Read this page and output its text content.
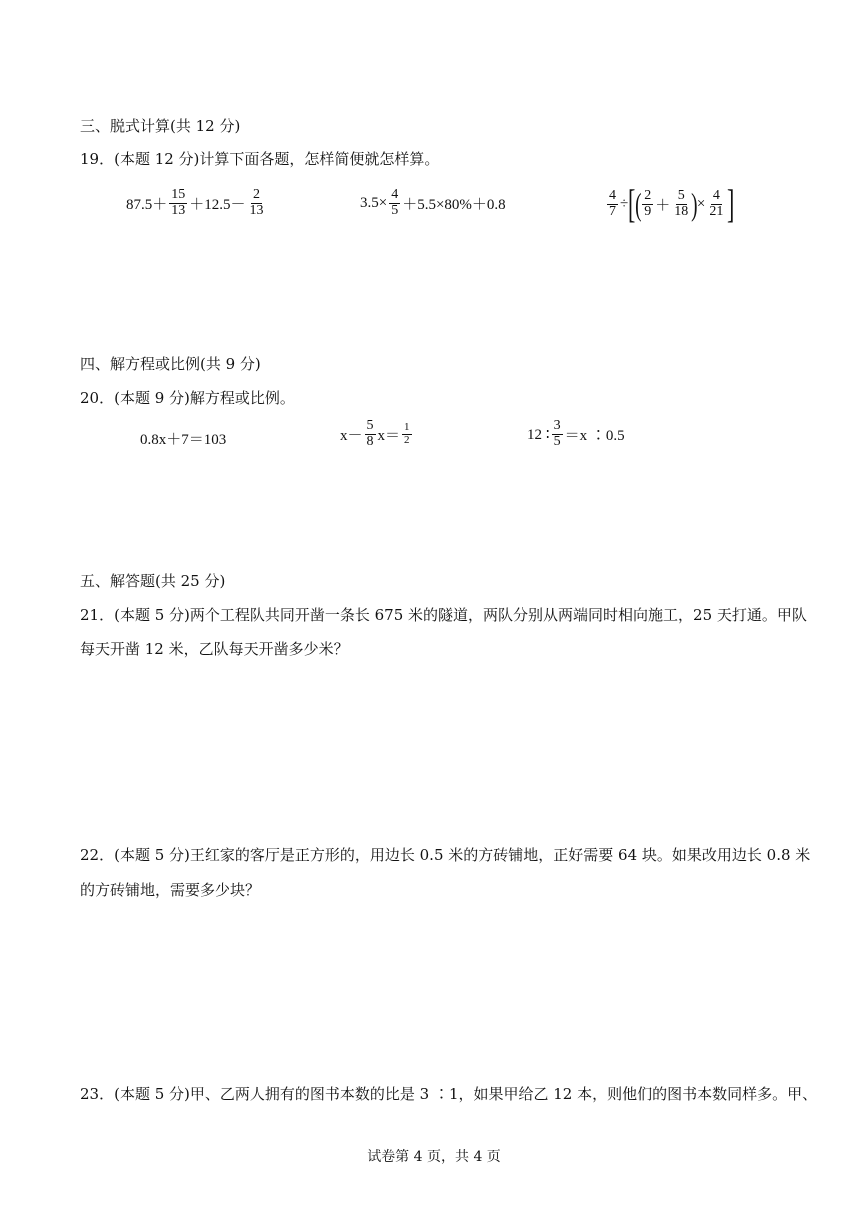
三、脱式计算(共 12 分)
19．(本题 12 分)计算下面各题，怎样简便就怎样算。
$87.5+ \frac{15}{13} +12.5- \frac{2}{13}$	$3.5\times \frac{4}{5} +5.5\times 80\%+0.8$	$\frac{4}{7}$ ÷ [ ( $\frac{2}{9} + \frac{5}{18}$ ) × $\frac{4}{21}$ ]
四、解方程或比例(共 9 分)
20．(本题 9 分)解方程或比例。
0.8x＋7＝103	$x- \frac{5}{8} x= \frac{1}{2}$	12 ∶ $\frac{3}{5} =x$ ∶0.5
五、解答题(共 25 分)
21．(本题 5 分)两个工程队共同开凿一条长 675 米的隧道，两队分别从两端同时相向施工，25 天打通。甲队
每天开凿 12 米，乙队每天开凿多少米？
22．(本题 5 分)王红家的客厅是正方形的，用边长 0.5 米的方砖铺地，正好需要 64 块。如果改用边长 0.8 米
的方砖铺地，需要多少块？
23．(本题 5 分)甲、乙两人拥有的图书本数的比是 3 ∶1，如果甲给乙 12 本，则他们的图书本数同样多。甲、
试卷第 4 页，共 4 页
